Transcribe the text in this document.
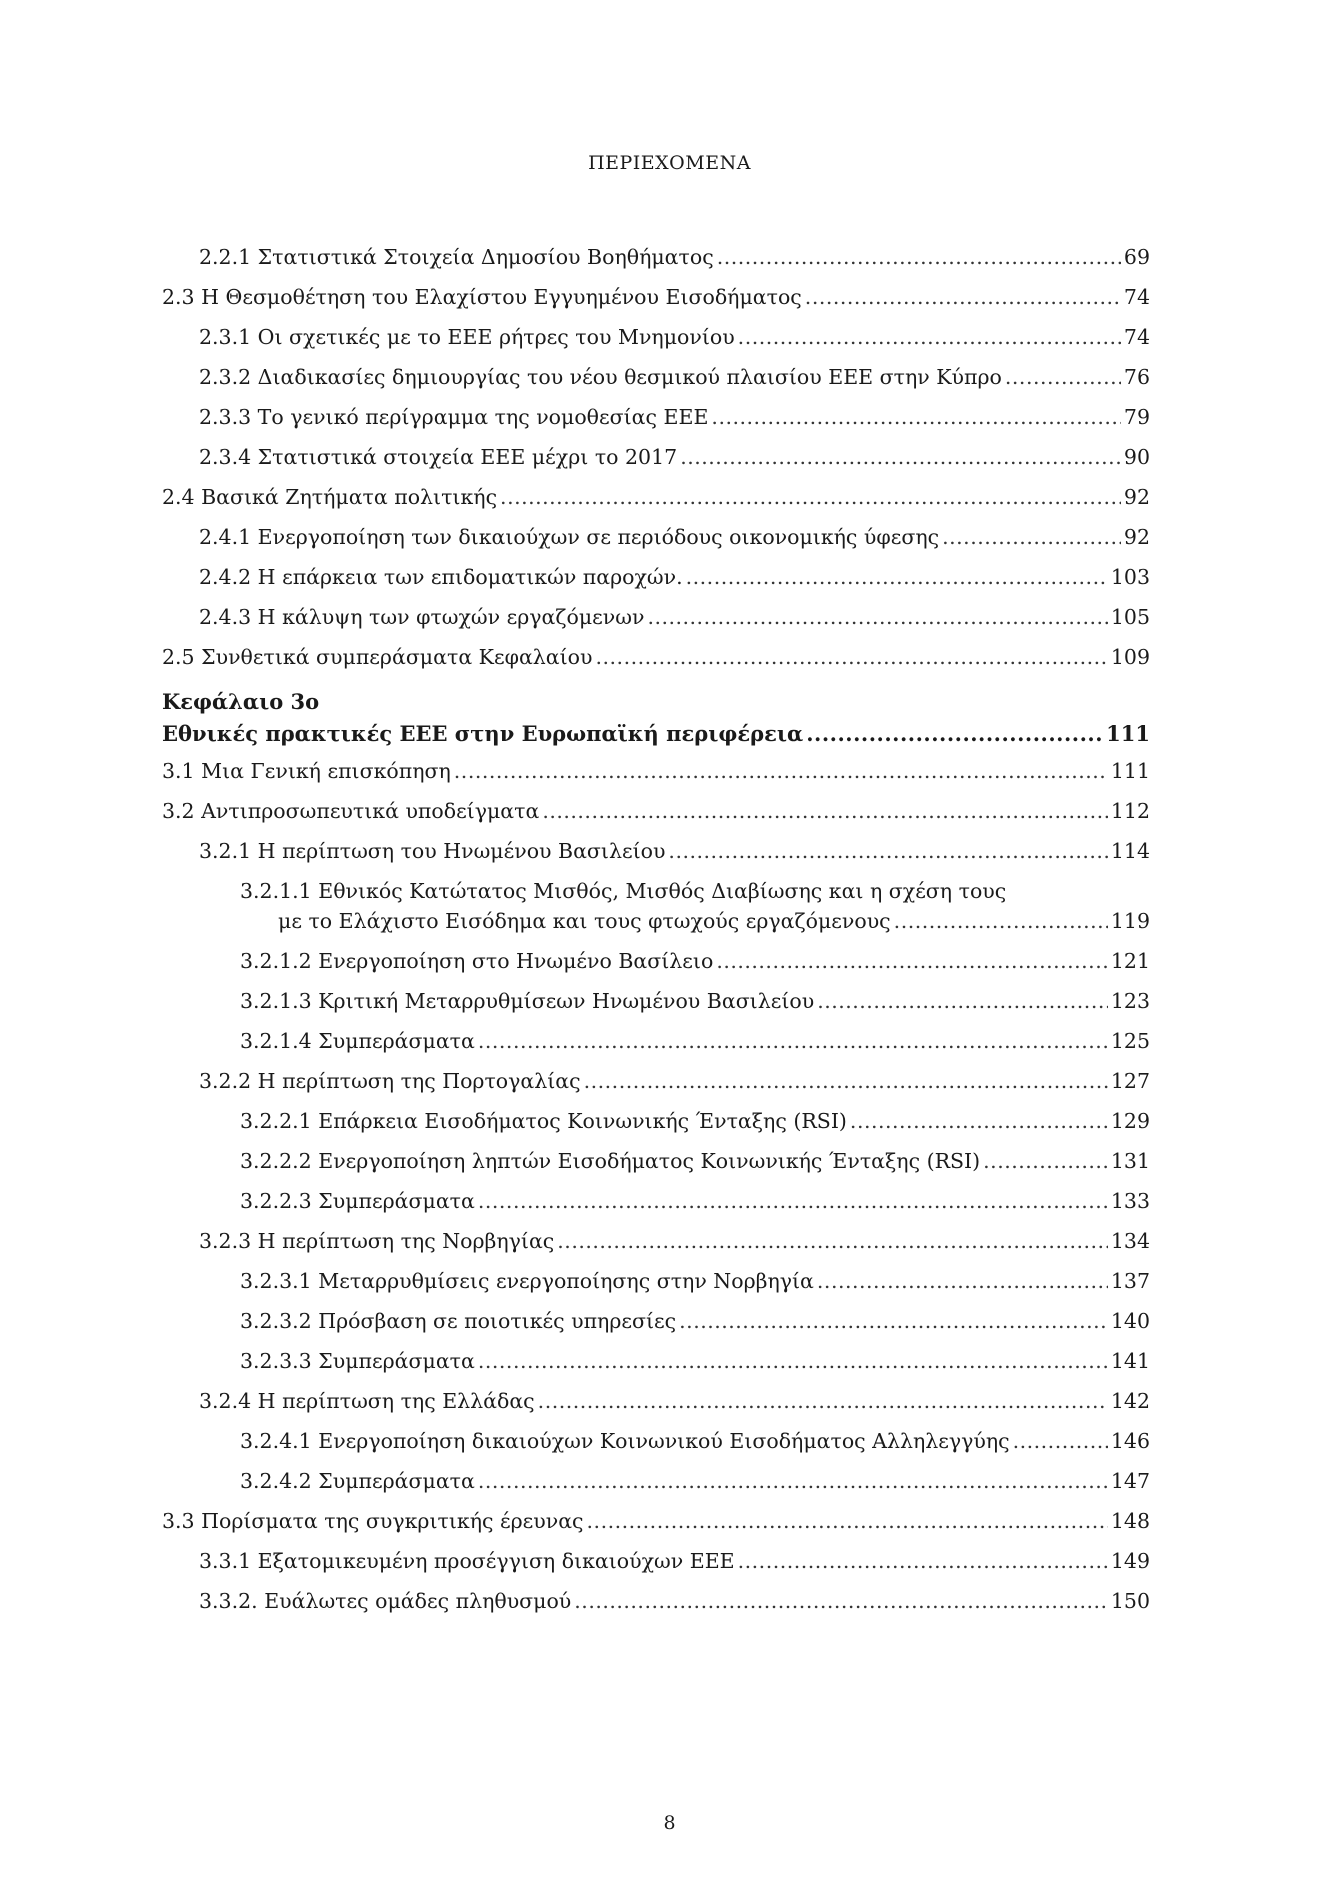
ΠΕΡΙΕΧΟΜΕΝΑ
2.2.1 Στατιστικά Στοιχεία Δημοσίου Βοηθήματος .....	69
2.3 Η Θεσμοθέτηση του Ελαχίστου Εγγυημένου Εισοδήματος .....	74
2.3.1 Οι σχετικές με το ΕΕΕ ρήτρες του Μνημονίου .....	74
2.3.2 Διαδικασίες δημιουργίας του νέου θεσμικού πλαισίου ΕΕΕ στην Κύπρο .....	76
2.3.3 Το γενικό περίγραμμα της νομοθεσίας ΕΕΕ .....	79
2.3.4 Στατιστικά στοιχεία ΕΕΕ μέχρι το 2017 .....	90
2.4 Βασικά Ζητήματα πολιτικής .....	92
2.4.1 Ενεργοποίηση των δικαιούχων σε περιόδους οικονομικής ύφεσης .....	92
2.4.2 Η επάρκεια των επιδοματικών παροχών. .....	103
2.4.3 Η κάλυψη των φτωχών εργαζόμενων .....	105
2.5 Συνθετικά συμπεράσματα Κεφαλαίου .....	109
Κεφάλαιο 3ο
Εθνικές πρακτικές ΕΕΕ στην Ευρωπαϊκή περιφέρεια .....	111
3.1 Μια Γενική επισκόπηση .....	111
3.2 Αντιπροσωπευτικά υποδείγματα .....	112
3.2.1 Η περίπτωση του Ηνωμένου Βασιλείου .....	114
3.2.1.1 Εθνικός Κατώτατος Μισθός, Μισθός Διαβίωσης και η σχέση τους
με το Ελάχιστο Εισόδημα και τους φτωχούς εργαζόμενους .....	119
3.2.1.2 Ενεργοποίηση στο Ηνωμένο Βασίλειο .....	121
3.2.1.3 Κριτική Μεταρρυθμίσεων Ηνωμένου Βασιλείου .....	123
3.2.1.4 Συμπεράσματα .....	125
3.2.2 Η περίπτωση της Πορτογαλίας .....	127
3.2.2.1 Επάρκεια Εισοδήματος Κοινωνικής Ένταξης (RSI) .....	129
3.2.2.2 Ενεργοποίηση ληπτών Εισοδήματος Κοινωνικής Ένταξης (RSI) .....	131
3.2.2.3 Συμπεράσματα .....	133
3.2.3 Η περίπτωση της Νορβηγίας .....	134
3.2.3.1 Μεταρρυθμίσεις ενεργοποίησης στην Νορβηγία .....	137
3.2.3.2 Πρόσβαση σε ποιοτικές υπηρεσίες .....	140
3.2.3.3 Συμπεράσματα .....	141
3.2.4 Η περίπτωση της Ελλάδας .....	142
3.2.4.1 Ενεργοποίηση δικαιούχων Κοινωνικού Εισοδήματος Αλληλεγγύης .....	146
3.2.4.2 Συμπεράσματα .....	147
3.3 Πορίσματα της συγκριτικής έρευνας .....	148
3.3.1 Εξατομικευμένη προσέγγιση δικαιούχων ΕΕΕ .....	149
3.3.2. Ευάλωτες ομάδες πληθυσμού .....	150
8
